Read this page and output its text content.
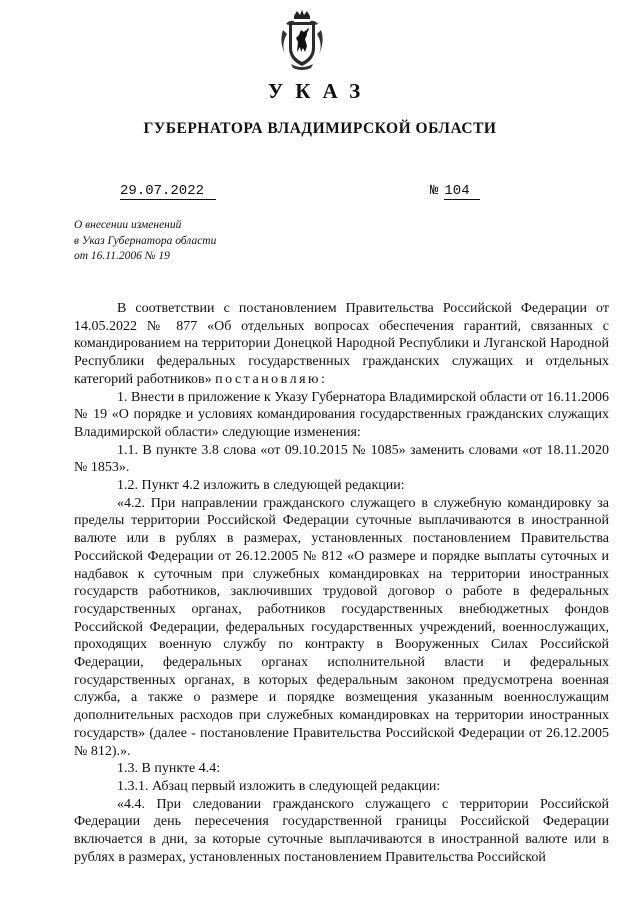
УКАЗ
ГУБЕРНАТОРА ВЛАДИМИРСКОЙ ОБЛАСТИ
29.07.2022	№ 104
О внесении изменений
в Указ Губернатора области
от 16.11.2006 № 19

В соответствии с постановлением Правительства Российской Федерации от 14.05.2022 № 877 «Об отдельных вопросах обеспечения гарантий, связанных с командированием на территории Донецкой Народной Республики и Луганской Народной Республики федеральных государственных гражданских служащих и отдельных категорий работников» постановляю:

1. Внести в приложение к Указу Губернатора Владимирской области от 16.11.2006 № 19 «О порядке и условиях командирования государственных гражданских служащих Владимирской области» следующие изменения:

1.1. В пункте 3.8 слова «от 09.10.2015 № 1085» заменить словами «от 18.11.2020 № 1853».

1.2. Пункт 4.2 изложить в следующей редакции:

«4.2. При направлении гражданского служащего в служебную командировку за пределы территории Российской Федерации суточные выплачиваются в иностранной валюте или в рублях в размерах, установленных постановлением Правительства Российской Федерации от 26.12.2005 № 812 «О размере и порядке выплаты суточных и надбавок к суточным при служебных командировках на территории иностранных государств работников, заключивших трудовой договор о работе в федеральных государственных органах, работников государственных внебюджетных фондов Российской Федерации, федеральных государственных учреждений, военнослужащих, проходящих военную службу по контракту в Вооруженных Силах Российской Федерации, федеральных органах исполнительной власти и федеральных государственных органах, в которых федеральным законом предусмотрена военная служба, а также о размере и порядке возмещения указанным военнослужащим дополнительных расходов при служебных командировках на территории иностранных государств» (далее - постановление Правительства Российской Федерации от 26.12.2005 № 812).».

1.3. В пункте 4.4:

1.3.1. Абзац первый изложить в следующей редакции:

«4.4. При следовании гражданского служащего с территории Российской Федерации день пересечения государственной границы Российской Федерации включается в дни, за которые суточные выплачиваются в иностранной валюте или в рублях в размерах, установленных постановлением Правительства Российской
